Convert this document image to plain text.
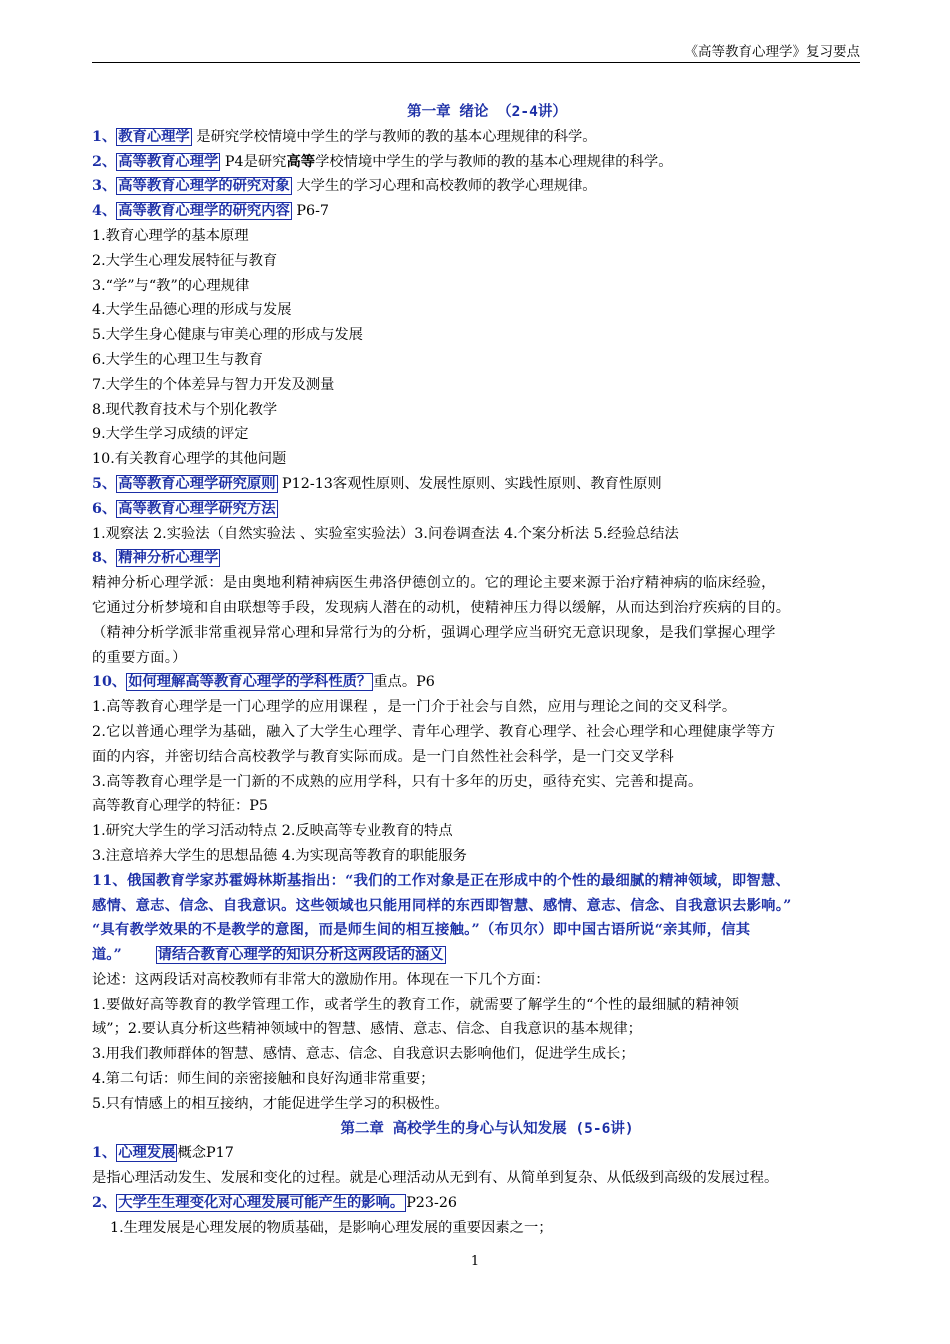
《高等教育心理学》复习要点
第一章 绪论 （2-4讲）
1、 教育心理学 是研究学校情境中学生的学与教师的教的基本心理规律的科学。
2、 高等教育心理学 P4是研究高等学校情境中学生的学与教师的教的基本心理规律的科学。
3、 高等教育心理学的研究对象 大学生的学习心理和高校教师的教学心理规律。
4、 高等教育心理学的研究内容 P6-7
1.教育心理学的基本原理
2.大学生心理发展特征与教育
3.“学”与“教”的心理规律
4.大学生品德心理的形成与发展
5.大学生身心健康与审美心理的形成与发展
6.大学生的心理卫生与教育
7.大学生的个体差异与智力开发及测量
8.现代教育技术与个别化教学
9.大学生学习成绩的评定
10.有关教育心理学的其他问题
5、 高等教育心理学研究原则 P12-13客观性原则、发展性原则、实践性原则、教育性原则
6、 高等教育心理学研究方法
1.观察法 2.实验法（自然实验法 、实验室实验法）3.问卷调查法 4.个案分析法 5.经验总结法
8、 精神分析心理学
精神分析心理学派：是由奥地利精神病医生弗洛伊德创立的。它的理论主要来源于治疗精神病的临床经验，
它通过分析梦境和自由联想等手段，发现病人潜在的动机，使精神压力得以缓解，从而达到治疗疾病的目的。
（精神分析学派非常重视异常心理和异常行为的分析，强调心理学应当研究无意识现象，是我们掌握心理学
的重要方面。）
10、 如何理解高等教育心理学的学科性质？ 重点。P6
1.高等教育心理学是一门心理学的应用课程 ，是一门介于社会与自然，应用与理论之间的交叉科学。
2.它以普通心理学为基础，融入了大学生心理学、青年心理学、教育心理学、社会心理学和心理健康学等方
面的内容，并密切结合高校教学与教育实际而成。是一门自然性社会科学，是一门交叉学科
3.高等教育心理学是一门新的不成熟的应用学科，只有十多年的历史，亟待充实、完善和提高。
高等教育心理学的特征：P5
1.研究大学生的学习活动特点 2.反映高等专业教育的特点
3.注意培养大学生的思想品德 4.为实现高等教育的职能服务
11、俄国教育学家苏霍姆林斯基指出：“我们的工作对象是正在形成中的个性的最细腻的精神领域，即智慧、
感情、意志、信念、自我意识。这些领域也只能用同样的东西即智慧、感情、意志、信念、自我意识去影响。”
“具有教学效果的不是教学的意图，而是师生间的相互接触。”（布贝尔）即中国古语所说“亲其师，信其
道。”	请结合教育心理学的知识分析这两段话的涵义
论述：这两段话对高校教师有非常大的激励作用。体现在一下几个方面：
1.要做好高等教育的教学管理工作，或者学生的教育工作，就需要了解学生的“个性的最细腻的精神领
域”；2.要认真分析这些精神领域中的智慧、感情、意志、信念、自我意识的基本规律；
3.用我们教师群体的智慧、感情、意志、信念、自我意识去影响他们，促进学生成长；
4.第二句话：师生间的亲密接触和良好沟通非常重要；
5.只有情感上的相互接纳，才能促进学生学习的积极性。
第二章 高校学生的身心与认知发展 (5-6讲)
1、 心理发展 概念P17
是指心理活动发生、发展和变化的过程。就是心理活动从无到有、从简单到复杂、从低级到高级的发展过程。
2、 大学生生理变化对心理发展可能产生的影响。 P23-26
1.生理发展是心理发展的物质基础，是影响心理发展的重要因素之一；
1
